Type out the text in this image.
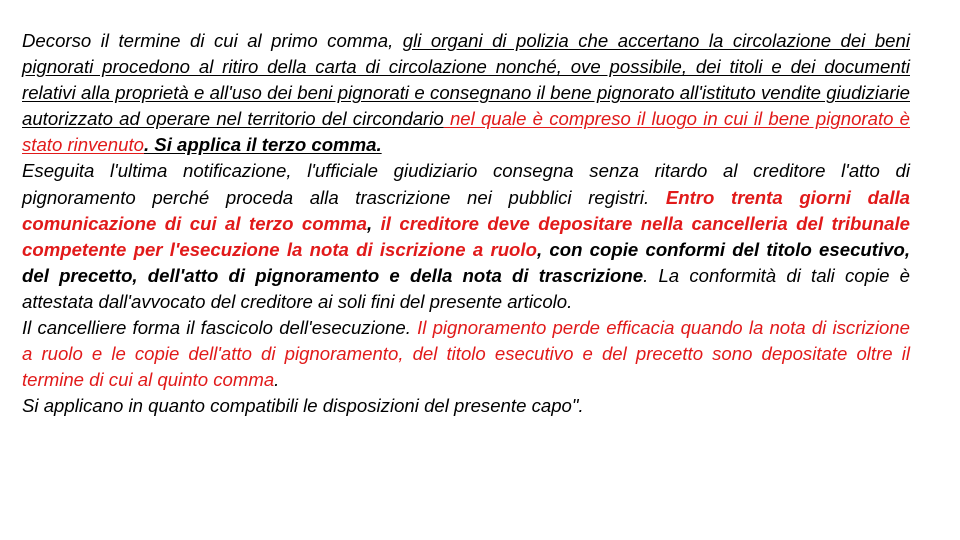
Decorso il termine di cui al primo comma, gli organi di polizia che accertano la circolazione dei beni pignorati procedono al ritiro della carta di circolazione nonché, ove possibile, dei titoli e dei documenti relativi alla proprietà e all'uso dei beni pignorati e consegnano il bene pignorato all'istituto vendite giudiziarie autorizzato ad operare nel territorio del circondario nel quale è compreso il luogo in cui il bene pignorato è stato rinvenuto. Si applica il terzo comma.

Eseguita l'ultima notificazione, l'ufficiale giudiziario consegna senza ritardo al creditore l'atto di pignoramento perché proceda alla trascrizione nei pubblici registri. Entro trenta giorni dalla comunicazione di cui al terzo comma, il creditore deve depositare nella cancelleria del tribunale competente per l'esecuzione la nota di iscrizione a ruolo, con copie conformi del titolo esecutivo, del precetto, dell'atto di pignoramento e della nota di trascrizione. La conformità di tali copie è attestata dall'avvocato del creditore ai soli fini del presente articolo.

Il cancelliere forma il fascicolo dell'esecuzione. Il pignoramento perde efficacia quando la nota di iscrizione a ruolo e le copie dell'atto di pignoramento, del titolo esecutivo e del precetto sono depositate oltre il termine di cui al quinto comma.

Si applicano in quanto compatibili le disposizioni del presente capo".
